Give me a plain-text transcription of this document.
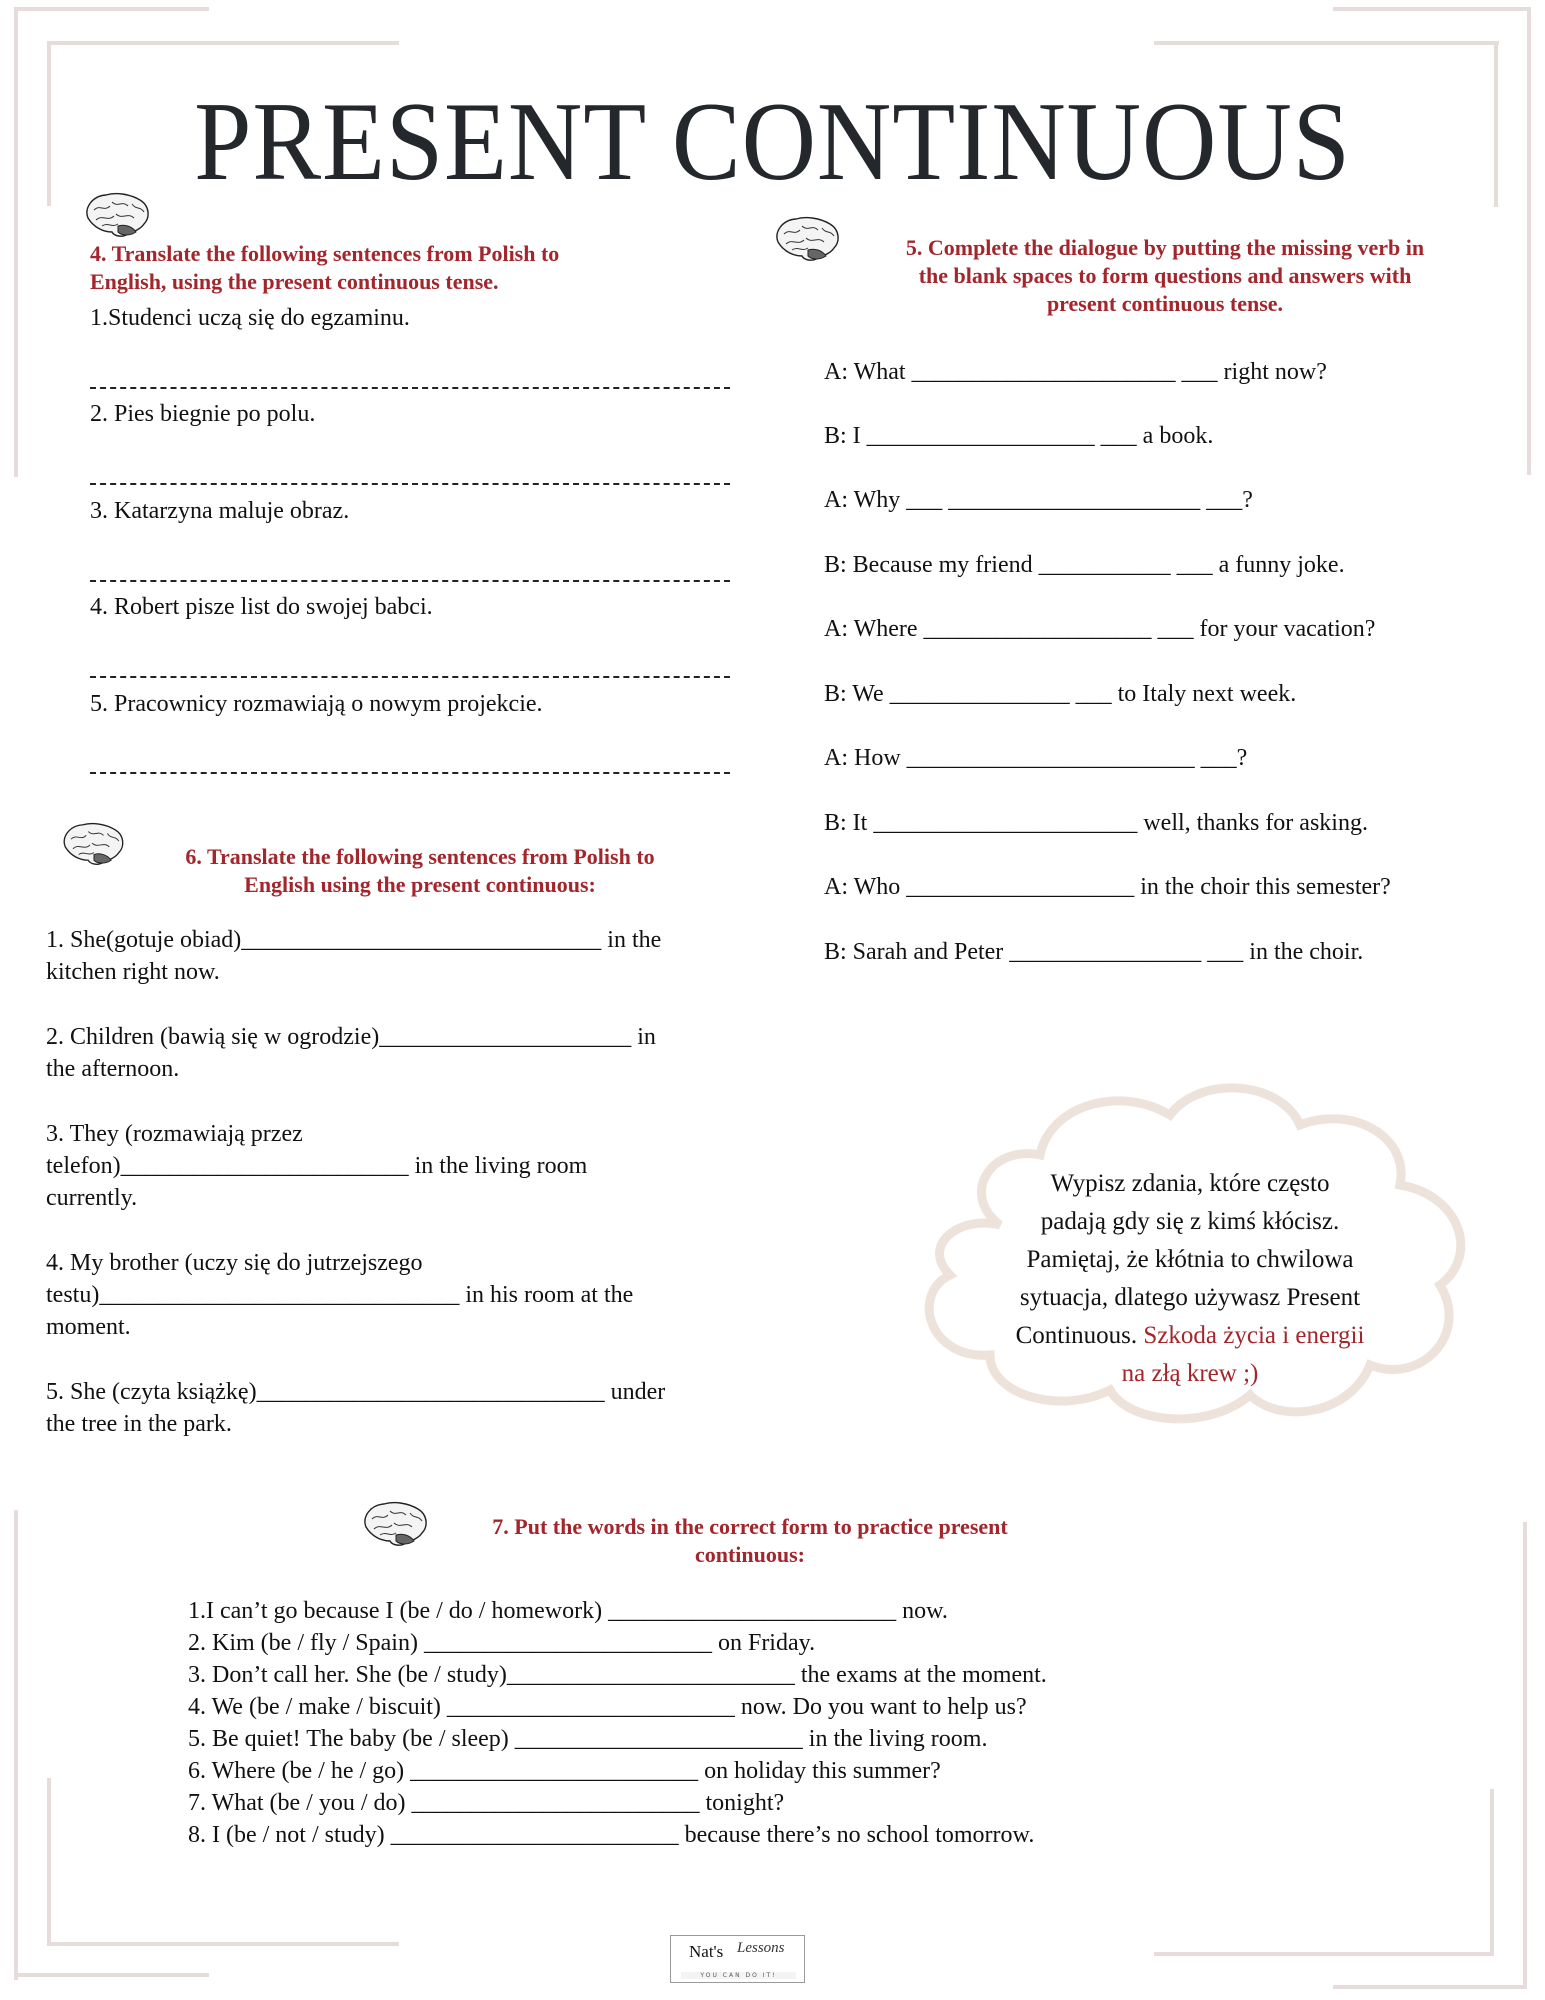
PRESENT CONTINUOUS
4. Translate the following sentences from Polish to
English, using the present continuous tense.
1.Studenci uczą się do egzaminu.
2. Pies biegnie po polu.
3. Katarzyna maluje obraz.
4. Robert pisze list do swojej babci.
5. Pracownicy rozmawiają o nowym projekcie.
5. Complete the dialogue by putting the missing verb in
the blank spaces to form questions and answers with
present continuous tense.
A: What ______________________ ___ right now?
B: I ___________________ ___ a book.
A: Why ___ _____________________ ___?
B: Because my friend ___________ ___ a funny joke.
A: Where ___________________ ___ for your vacation?
B: We _______________ ___ to Italy next week.
A: How ________________________ ___?
B: It ______________________ well, thanks for asking.
A: Who ___________________ in the choir this semester?
B: Sarah and Peter ________________ ___ in the choir.
6. Translate the following sentences from Polish to
English using the present continuous:
1. She(gotuje obiad)______________________________ in the
kitchen right now.
2. Children (bawią się w ogrodzie)_____________________ in
the afternoon.
3. They (rozmawiają przez
telefon)________________________ in the living room
currently.
4. My brother (uczy się do jutrzejszego
testu)______________________________ in his room at the
moment.
5. She (czyta książkę)_____________________________ under
the tree in the park.
Wypisz zdania, które często
padają gdy się z kimś kłócisz.
Pamiętaj, że kłótnia to chwilowa
sytuacja, dlatego używasz Present
Continuous. Szkoda życia i energii
na złą krew ;)
7. Put the words in the correct form to practice present
continuous:
1.I can’t go because I (be / do / homework) ________________________ now.
2. Kim (be / fly / Spain) ________________________ on Friday.
3. Don’t call her. She (be / study)________________________ the exams at the moment.
4. We (be / make / biscuit) ________________________ now. Do you want to help us?
5. Be quiet! The baby (be / sleep) ________________________ in the living room.
6. Where (be / he / go) ________________________ on holiday this summer?
7. What (be / you / do) ________________________ tonight?
8. I (be / not / study) ________________________ because there’s no school tomorrow.
Nat's Lessons
YOU CAN DO IT!
